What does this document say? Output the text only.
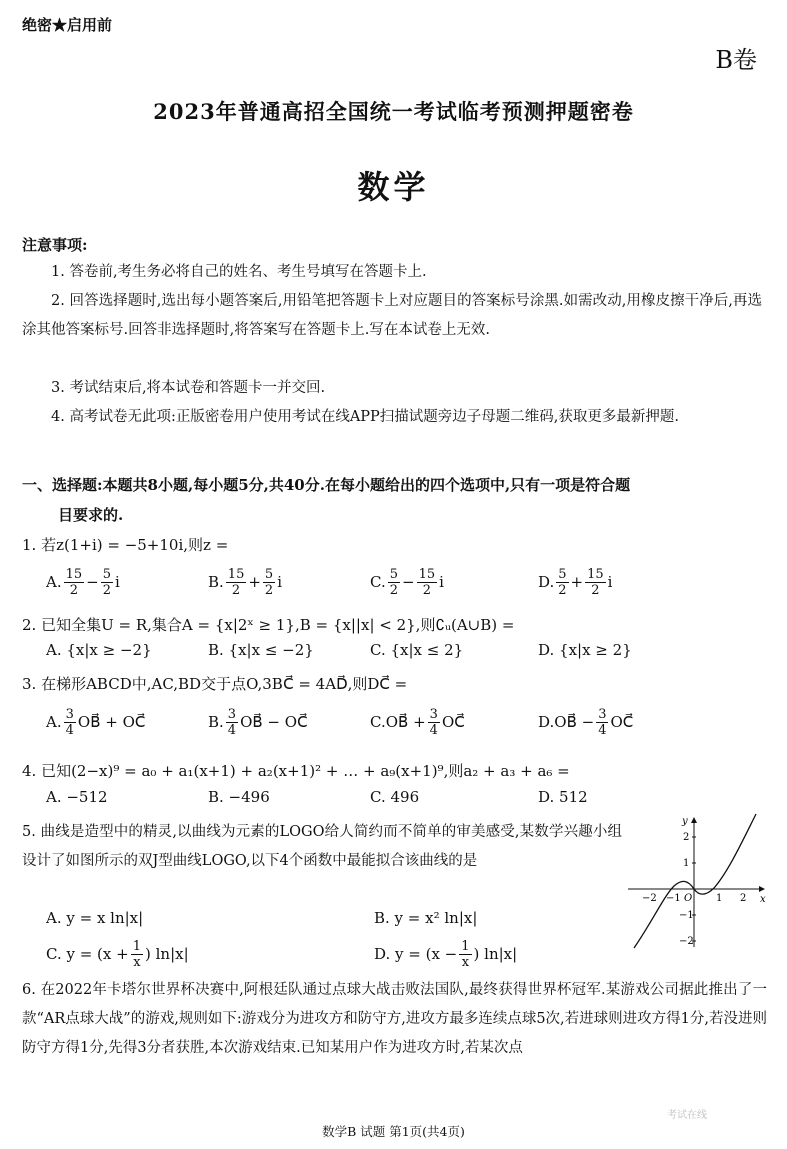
绝密★启用前
B卷
2023年普通高招全国统一考试临考预测押题密卷
数学
注意事项:
1. 答卷前,考生务必将自己的姓名、考生号填写在答题卡上.
2. 回答选择题时,选出每小题答案后,用铅笔把答题卡上对应题目的答案标号涂黑.如需改动,用橡皮擦干净后,再选涂其他答案标号.回答非选择题时,将答案写在答题卡上.写在本试卷上无效.
3. 考试结束后,将本试卷和答题卡一并交回.
4. 高考试卷无此项:正版密卷用户使用考试在线APP扫描试题旁边子母题二维码,获取更多最新押题.
一、选择题:本题共8小题,每小题5分,共40分.在每小题给出的四个选项中,只有一项是符合题
目要求的.
1. 若z(1+i) = −5+10i,则z =
A. $\frac{15}{2} - \frac{5}{2}$ i	B. $\frac{15}{2} + \frac{5}{2}$ i	C. $\frac{5}{2} - \frac{15}{2}$ i	D. $\frac{5}{2} + \frac{15}{2}$ i
2. 已知全集U = R,集合A = {x|2ˣ ≥ 1},B = {x||x| < 2},则∁ᵤ(A∪B) =
A. {x|x ≥ −2}	B. {x|x ≤ −2}	C. {x|x ≤ 2}	D. {x|x ≥ 2}
3. 在梯形ABCD中,AC,BD交于点O,3BC⃗ = 4AD⃗,则DC⃗ =
A. $\frac{3}{4}$ OB⃗ + OC⃗	B. $\frac{3}{4}$ OB⃗ − OC⃗	C. OB⃗ + $\frac{3}{4}$ OC⃗	D. OB⃗ − $\frac{3}{4}$ OC⃗
4. 已知(2−x)⁹ = a₀ + a₁(x+1) + a₂(x+1)² + … + a₉(x+1)⁹,则a₂ + a₃ + a₆ =
A. −512	B. −496	C. 496	D. 512
5. 曲线是造型中的精灵,以曲线为元素的LOGO给人简约而不简单的审美感受,某数学兴趣小组设计了如图所示的双J型曲线LOGO,以下4个函数中最能拟合该曲线的是
A. y = x ln|x|	B. y = x² ln|x|
C. $y = (x + \frac{1}{x}$ ) ln|x|	D. $y = (x - \frac{1}{x}$ ) ln|x|
x
y
−2 −1 O 1 2
2
1
−1
−2
6. 在2022年卡塔尔世界杯决赛中,阿根廷队通过点球大战击败法国队,最终获得世界杯冠军.某游戏公司据此推出了一款“AR点球大战”的游戏,规则如下:游戏分为进攻方和防守方,进攻方最多连续点球5次,若进球则进攻方得1分,若没进则防守方得1分,先得3分者获胜,本次游戏结束.已知某用户作为进攻方时,若某次点
考试在线
数学B 试题 第1页(共4页)
